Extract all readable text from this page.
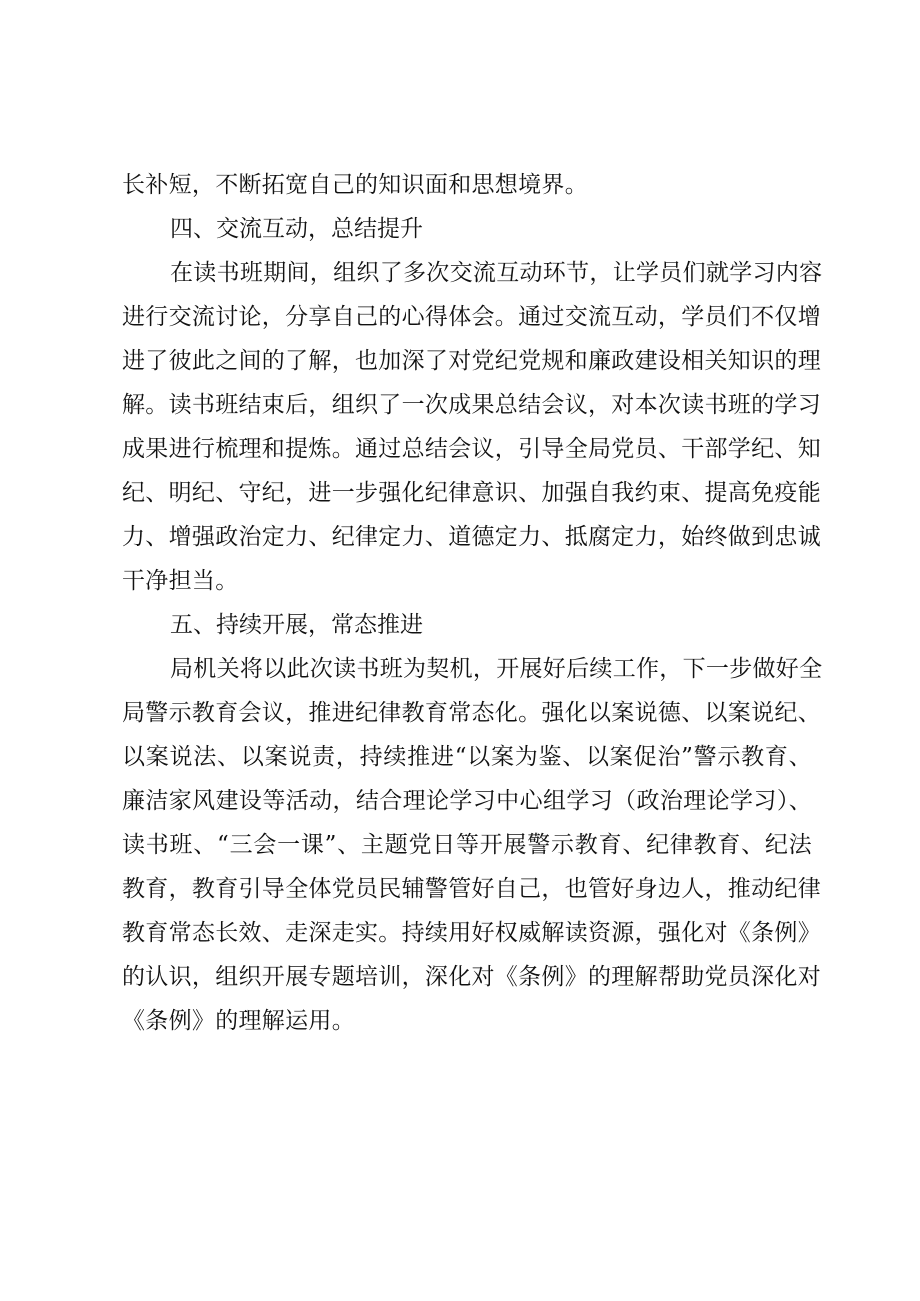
长补短，不断拓宽自己的知识面和思想境界。
四、交流互动，总结提升
在读书班期间，组织了多次交流互动环节，让学员们就学习内容
进行交流讨论，分享自己的心得体会。通过交流互动，学员们不仅增
进了彼此之间的了解，也加深了对党纪党规和廉政建设相关知识的理
解。读书班结束后，组织了一次成果总结会议，对本次读书班的学习
成果进行梳理和提炼。通过总结会议，引导全局党员、干部学纪、知
纪、明纪、守纪，进一步强化纪律意识、加强自我约束、提高免疫能
力、增强政治定力、纪律定力、道德定力、抵腐定力，始终做到忠诚
干净担当。
五、持续开展，常态推进
局机关将以此次读书班为契机，开展好后续工作，下一步做好全
局警示教育会议，推进纪律教育常态化。强化以案说德、以案说纪、
以案说法、以案说责，持续推进“以案为鉴、以案促治”警示教育、
廉洁家风建设等活动，结合理论学习中心组学习（政治理论学习）、
读书班、“三会一课”、主题党日等开展警示教育、纪律教育、纪法
教育，教育引导全体党员民辅警管好自己，也管好身边人，推动纪律
教育常态长效、走深走实。持续用好权威解读资源，强化对《条例》
的认识，组织开展专题培训，深化对《条例》的理解帮助党员深化对
《条例》的理解运用。
